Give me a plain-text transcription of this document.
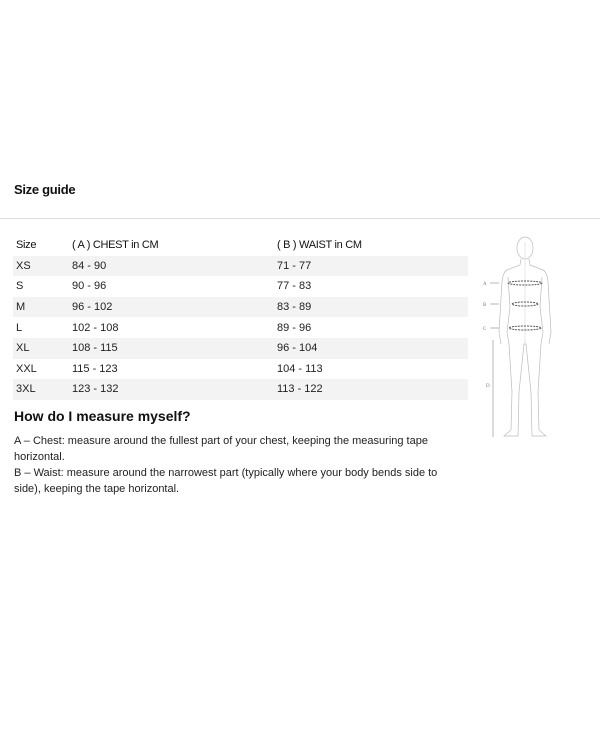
Size guide
Size	( A ) CHEST in CM	( B ) WAIST in CM
XS	84 - 90	71 - 77
S	90 - 96	77 - 83
M	96 - 102	83 - 89
L	102 - 108	89 - 96
XL	108 - 115	96 - 104
XXL	115 - 123	104 - 113
3XL	123 - 132	113 - 122
How do I measure myself?
A – Chest: measure around the fullest part of your chest, keeping the measuring tape horizontal.
B – Waist: measure around the narrowest part (typically where your body bends side to side), keeping the tape horizontal.
A
B
C
D
